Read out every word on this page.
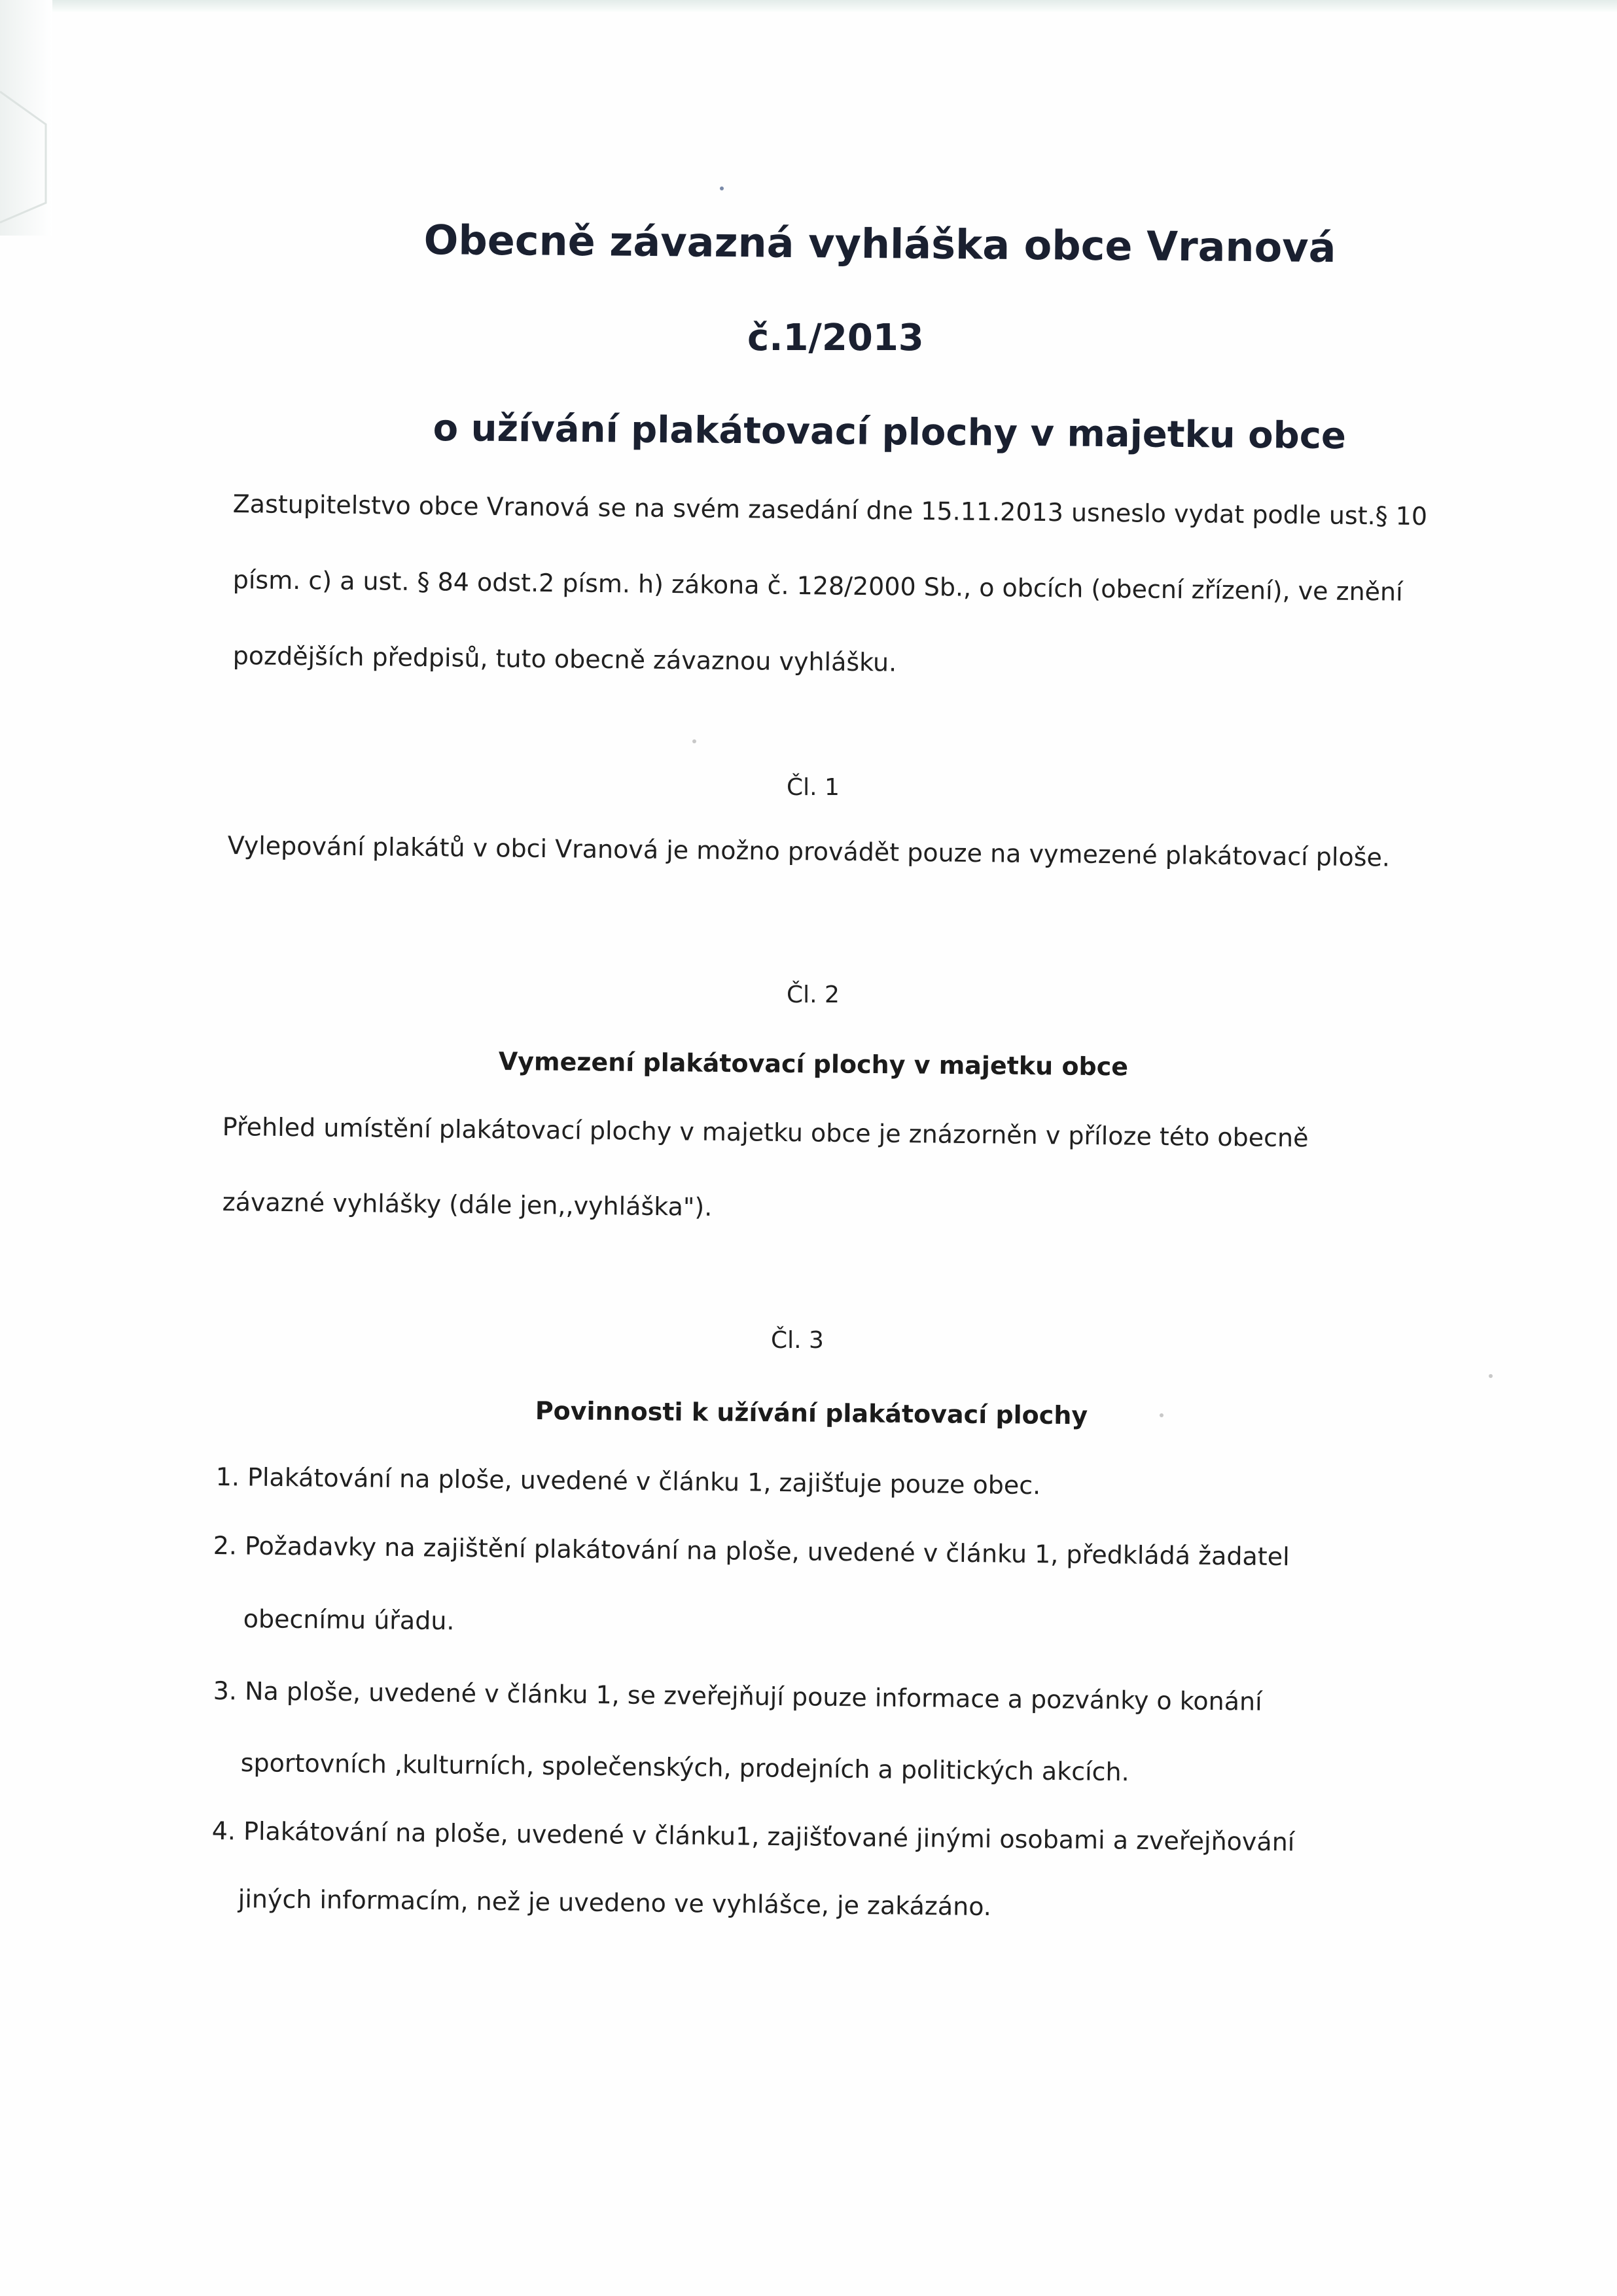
Obecně závazná vyhláška obce Vranová
č.1/2013
o užívání plakátovací plochy v majetku obce
Zastupitelstvo obce Vranová se na svém zasedání dne 15.11.2013 usneslo vydat podle ust.§ 10
písm. c) a ust. § 84 odst.2 písm. h) zákona č. 128/2000 Sb., o obcích (obecní zřízení), ve znění
pozdějších předpisů, tuto obecně závaznou vyhlášku.
Čl. 1
Vylepování plakátů v obci Vranová je možno provádět pouze na vymezené plakátovací ploše.
Čl. 2
Vymezení plakátovací plochy v majetku obce
Přehled umístění plakátovací plochy v majetku obce je znázorněn v příloze této obecně
závazné vyhlášky (dále jen,,vyhláška").
Čl. 3
Povinnosti k užívání plakátovací plochy
1. Plakátování na ploše, uvedené v článku 1, zajišťuje pouze obec.
2. Požadavky na zajištění plakátování na ploše, uvedené v článku 1, předkládá žadatel
obecnímu úřadu.
3. Na ploše, uvedené v článku 1, se zveřejňují pouze informace a pozvánky o konání
sportovních ,kulturních, společenských, prodejních a politických akcích.
4. Plakátování na ploše, uvedené v článku1, zajišťované jinými osobami a zveřejňování
jiných informacím, než je uvedeno ve vyhlášce, je zakázáno.
